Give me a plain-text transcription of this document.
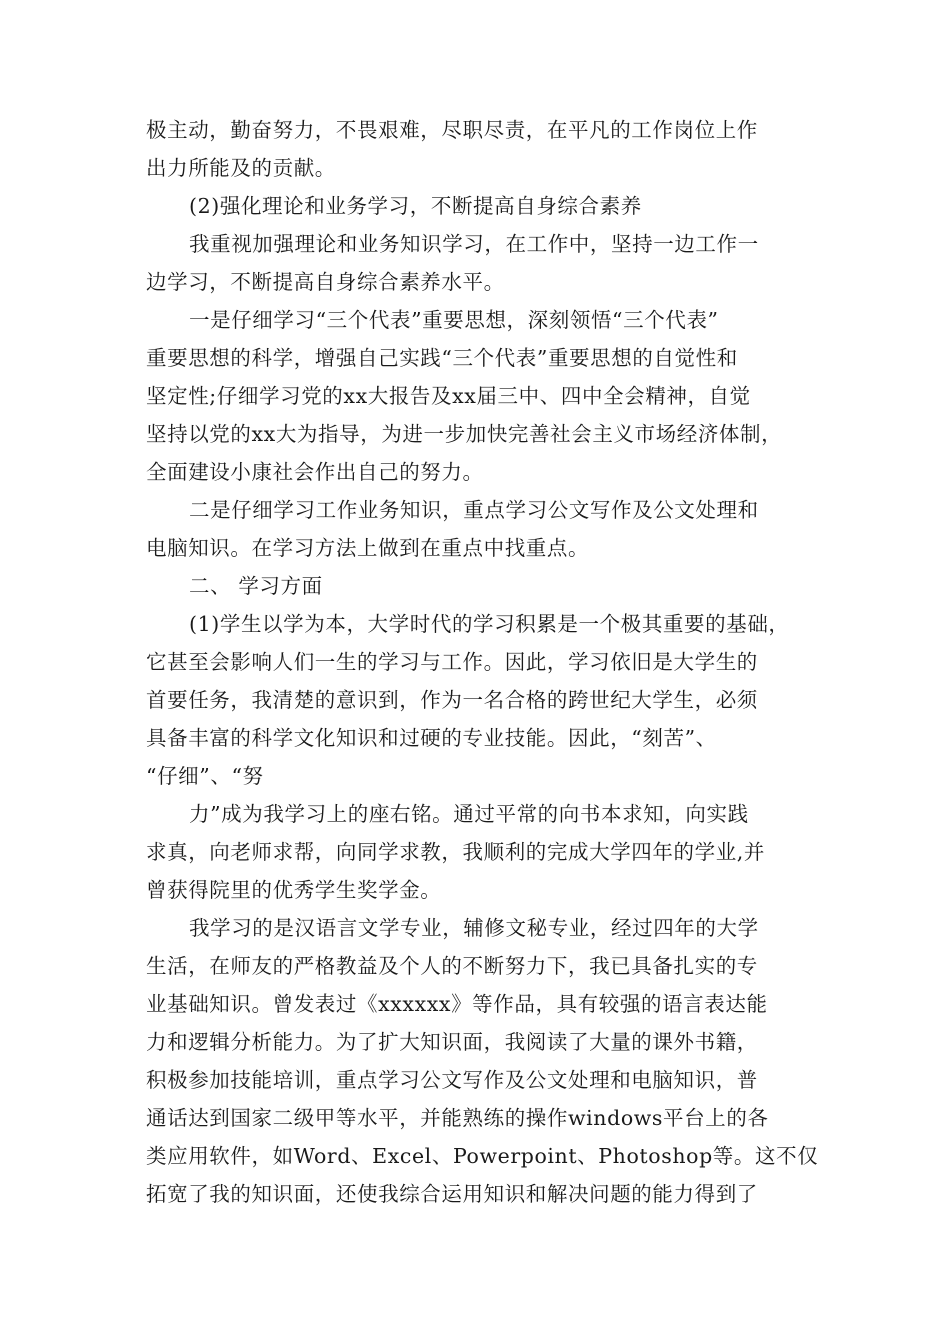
极主动，勤奋努力，不畏艰难，尽职尽责，在平凡的工作岗位上作
出力所能及的贡献。
(2)强化理论和业务学习，不断提高自身综合素养
我重视加强理论和业务知识学习，在工作中，坚持一边工作一
边学习，不断提高自身综合素养水平。
一是仔细学习“三个代表”重要思想，深刻领悟“三个代表”
重要思想的科学，增强自己实践“三个代表”重要思想的自觉性和
坚定性;仔细学习党的xx大报告及xx届三中、四中全会精神，自觉
坚持以党的xx大为指导，为进一步加快完善社会主义市场经济体制，
全面建设小康社会作出自己的努力。
二是仔细学习工作业务知识，重点学习公文写作及公文处理和
电脑知识。在学习方法上做到在重点中找重点。
二、 学习方面
(1)学生以学为本，大学时代的学习积累是一个极其重要的基础，
它甚至会影响人们一生的学习与工作。因此，学习依旧是大学生的
首要任务，我清楚的意识到，作为一名合格的跨世纪大学生，必须
具备丰富的科学文化知识和过硬的专业技能。因此，“刻苦”、
“仔细”、“努
力”成为我学习上的座右铭。通过平常的向书本求知，向实践
求真，向老师求帮，向同学求教，我顺利的完成大学四年的学业,并
曾获得院里的优秀学生奖学金。
我学习的是汉语言文学专业，辅修文秘专业，经过四年的大学
生活，在师友的严格教益及个人的不断努力下，我已具备扎实的专
业基础知识。曾发表过《xxxxxx》等作品，具有较强的语言表达能
力和逻辑分析能力。为了扩大知识面，我阅读了大量的课外书籍，
积极参加技能培训，重点学习公文写作及公文处理和电脑知识，普
通话达到国家二级甲等水平，并能熟练的操作windows平台上的各
类应用软件，如Word、Excel、Powerpoint、Photoshop等。这不仅
拓宽了我的知识面，还使我综合运用知识和解决问题的能力得到了
